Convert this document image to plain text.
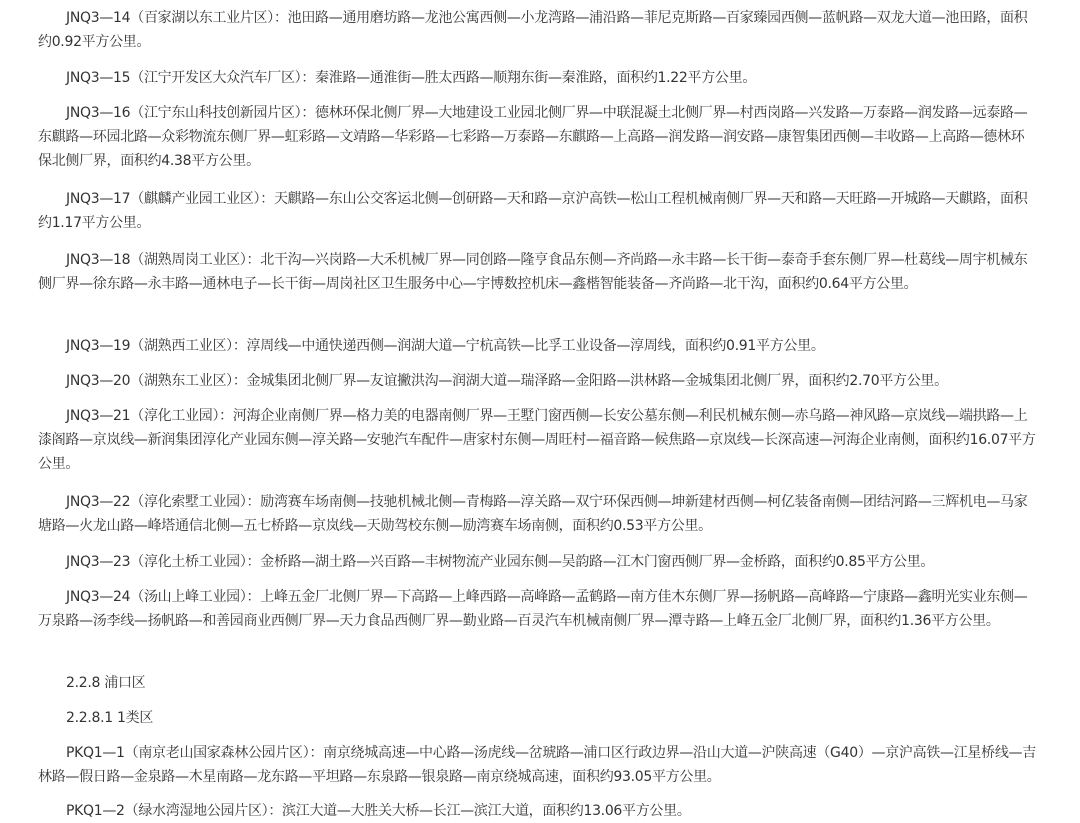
JNQ3—14（百家湖以东工业片区）：池田路—通用磨坊路—龙池公寓西侧—小龙湾路—浦沿路—菲尼克斯路—百家臻园西侧—蓝帆路—双龙大道—池田路，面积约0.92平方公里。

JNQ3—15（江宁开发区大众汽车厂区）：秦淮路—通淮街—胜太西路—顺翔东街—秦淮路，面积约1.22平方公里。

JNQ3—16（江宁东山科技创新园片区）：德林环保北侧厂界—大地建设工业园北侧厂界—中联混凝土北侧厂界—村西岗路—兴发路—万泰路—润发路—远泰路—东麒路—环园北路—众彩物流东侧厂界—虹彩路—文靖路—华彩路—七彩路—万泰路—东麒路—上高路—润发路—润安路—康智集团西侧—丰收路—上高路—德林环保北侧厂界，面积约4.38平方公里。

JNQ3—17（麒麟产业园工业区）：天麒路—东山公交客运北侧—创研路—天和路—京沪高铁—松山工程机械南侧厂界—天和路—天旺路—开城路—天麒路，面积约1.17平方公里。

JNQ3—18（湖熟周岗工业区）：北干沟—兴岗路—大禾机械厂界—同创路—隆亨食品东侧—齐尚路—永丰路—长干街—泰奇手套东侧厂界—杜葛线—周宇机械东侧厂界—徐东路—永丰路—通林电子—长干街—周岗社区卫生服务中心—宇博数控机床—鑫楷智能装备—齐尚路—北干沟，面积约0.64平方公里。

JNQ3—19（湖熟西工业区）：淳周线—中通快递西侧—润湖大道—宁杭高铁—比孚工业设备—淳周线，面积约0.91平方公里。

JNQ3—20（湖熟东工业区）：金城集团北侧厂界—友谊撇洪沟—润湖大道—瑞泽路—金阳路—洪林路—金城集团北侧厂界，面积约2.70平方公里。

JNQ3—21（淳化工业园）：河海企业南侧厂界—格力美的电器南侧厂界—王墅门窗西侧—长安公墓东侧—利民机械东侧—赤乌路—神风路—京岚线—端拱路—上漆阁路—京岚线—新润集团淳化产业园东侧—淳关路—安驰汽车配件—唐家村东侧—周旺村—福音路—候焦路—京岚线—长深高速—河海企业南侧，面积约16.07平方公里。

JNQ3—22（淳化索墅工业园）：励湾赛车场南侧—技驰机械北侧—青梅路—淳关路—双宁环保西侧—坤新建材西侧—柯亿装备南侧—团结河路—三辉机电—马家塘路—火龙山路—峰塔通信北侧—五七桥路—京岚线—天勋驾校东侧—励湾赛车场南侧，面积约0.53平方公里。

JNQ3—23（淳化土桥工业园）：金桥路—湖土路—兴百路—丰树物流产业园东侧—吴韵路—江木门窗西侧厂界—金桥路，面积约0.85平方公里。

JNQ3—24（汤山上峰工业园）：上峰五金厂北侧厂界—下高路—上峰西路—高峰路—孟鹤路—南方佳木东侧厂界—扬帆路—高峰路—宁康路—鑫明光实业东侧—万泉路—汤李线—扬帆路—和善园商业西侧厂界—天力食品西侧厂界—勤业路—百灵汽车机械南侧厂界—潭寺路—上峰五金厂北侧厂界，面积约1.36平方公里。

2.2.8 浦口区

2.2.8.1 1类区

PKQ1—1（南京老山国家森林公园片区）：南京绕城高速—中心路—汤虎线—岔琥路—浦口区行政边界—沿山大道—沪陕高速（G40）—京沪高铁—江星桥线—吉林路—假日路—金泉路—木星南路—龙东路—平坦路—东泉路—银泉路—南京绕城高速，面积约93.05平方公里。

PKQ1—2（绿水湾湿地公园片区）：滨江大道—大胜关大桥—长江—滨江大道，面积约13.06平方公里。
